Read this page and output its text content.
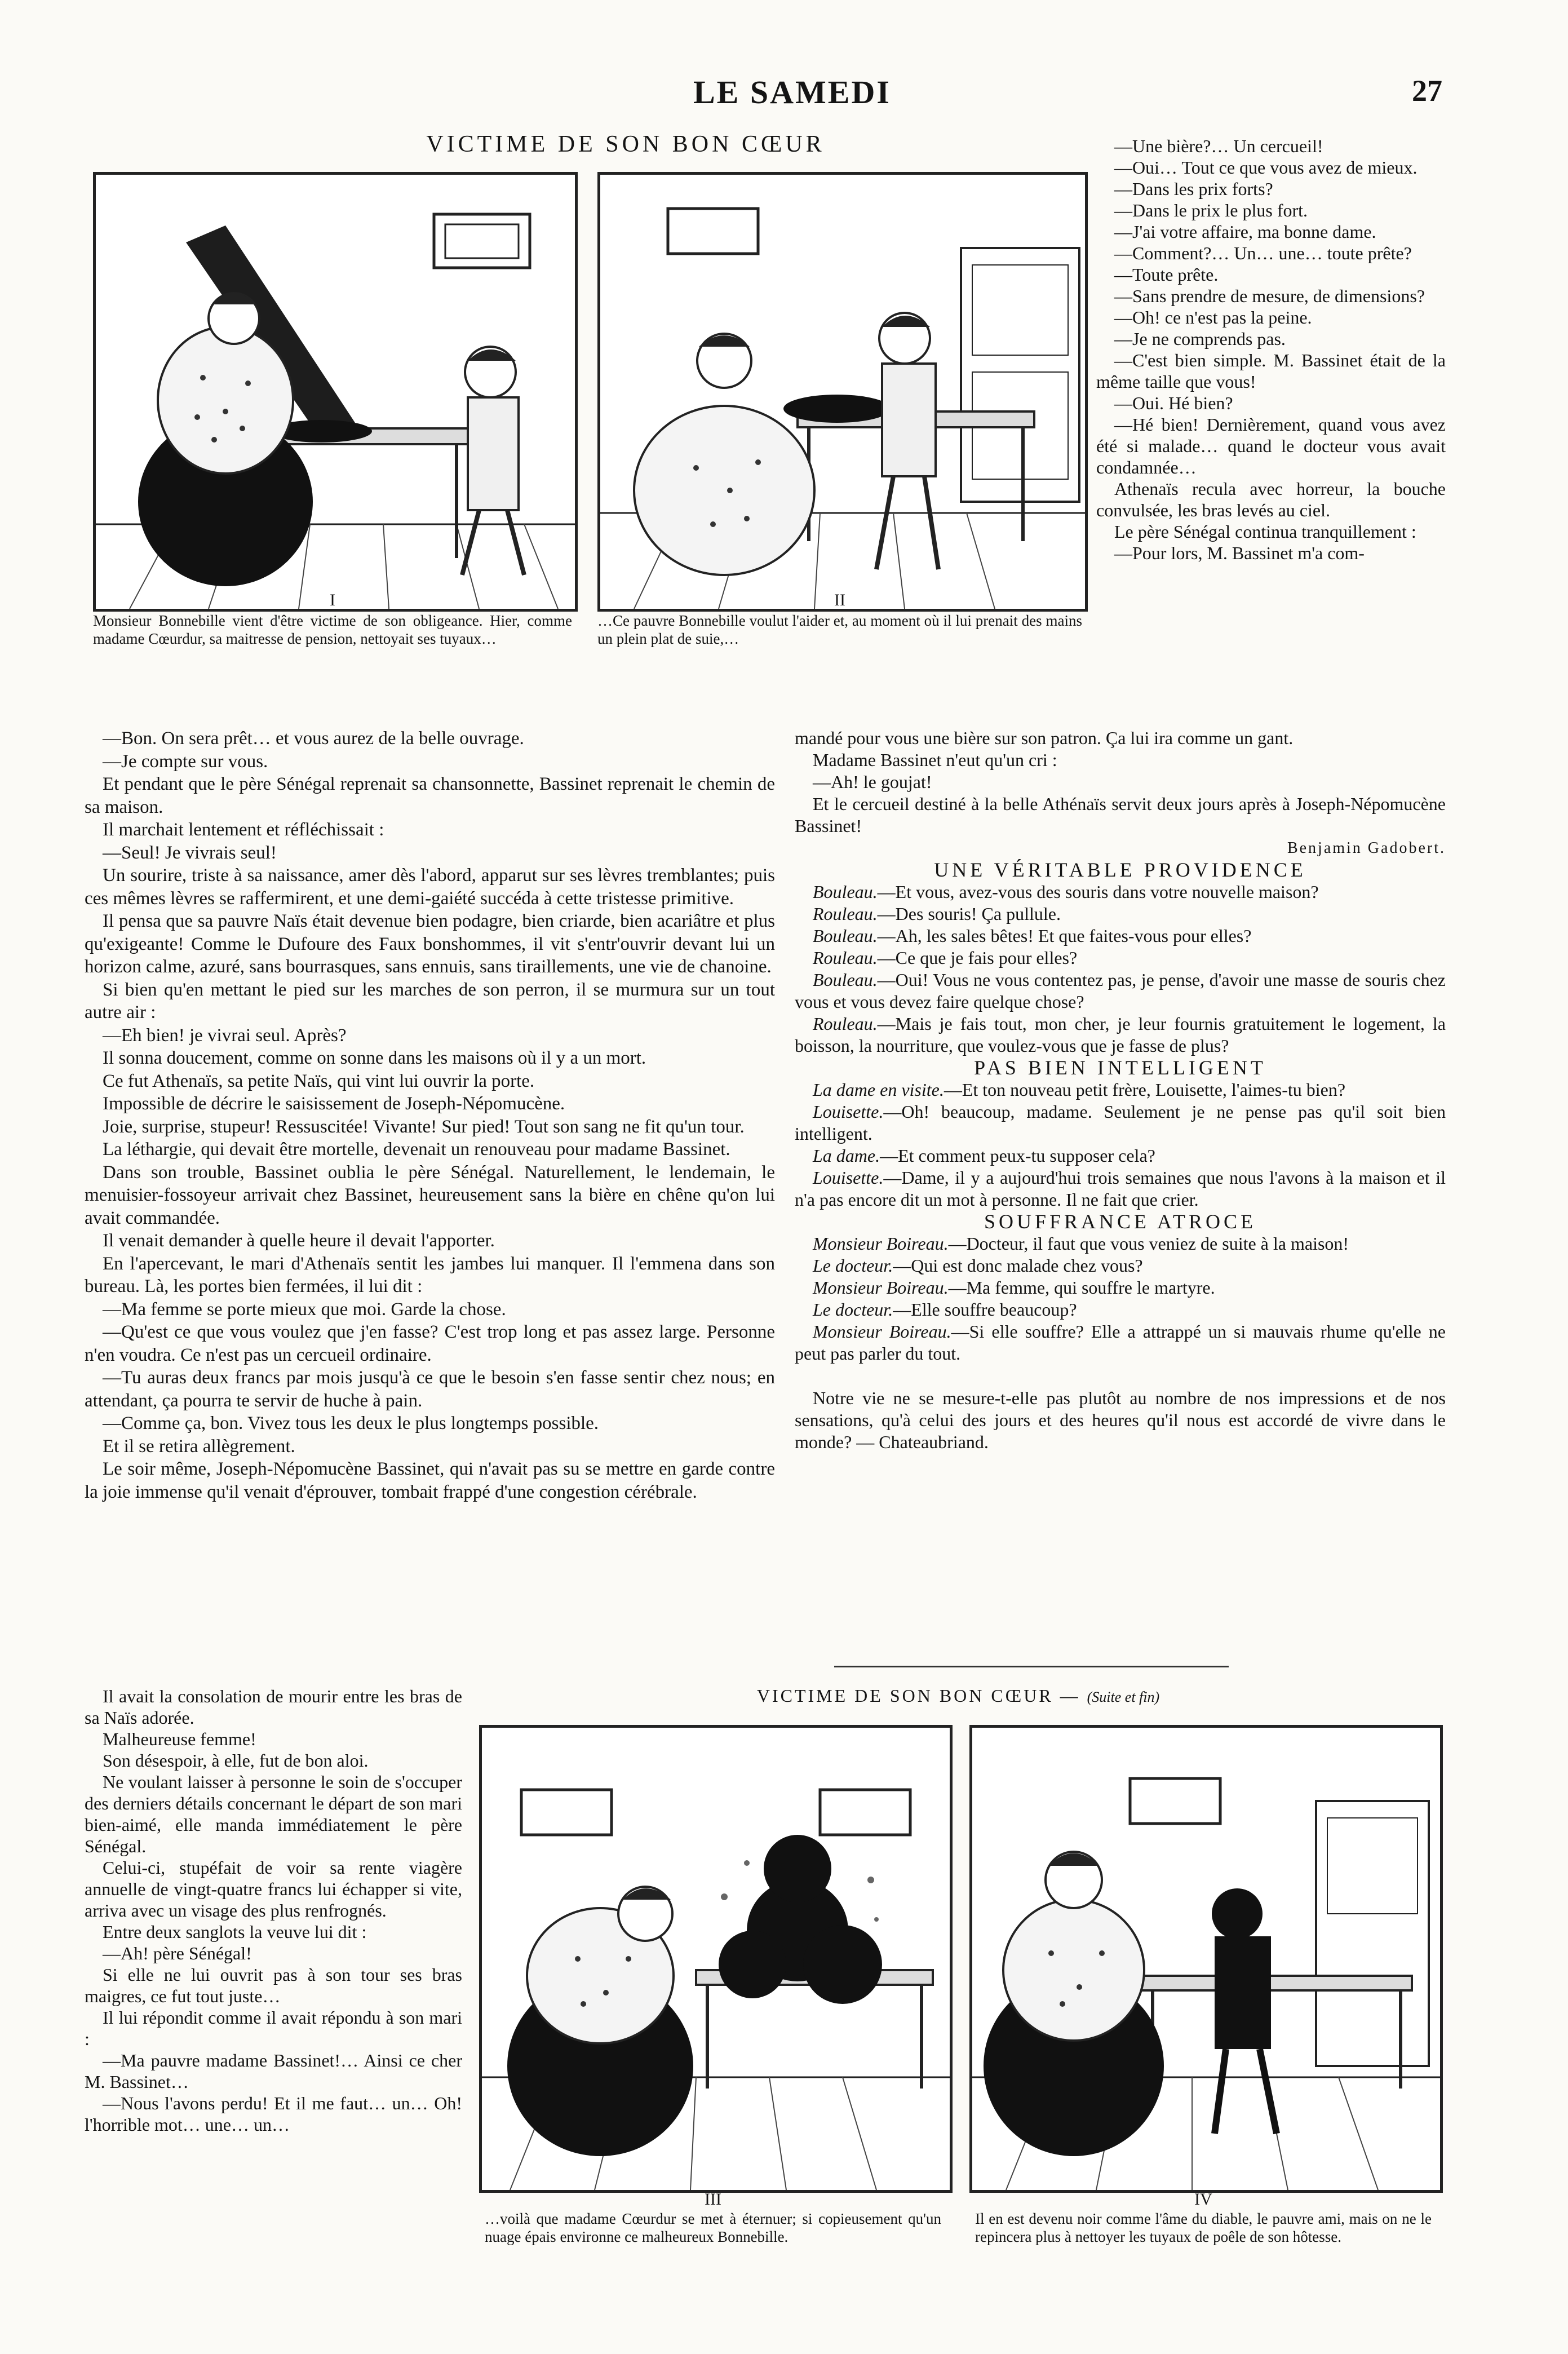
LE SAMEDI	27
VICTIME DE SON BON CŒUR
I
Monsieur Bonnebille vient d'être victime de son obligeance. Hier, comme madame Cœurdur, sa maitresse de pension, nettoyait ses tuyaux…
II
…Ce pauvre Bonnebille voulut l'aider et, au moment où il lui prenait des mains un plein plat de suie,…

—Une bière?… Un cercueil!

—Oui… Tout ce que vous avez de mieux.

—Dans les prix forts?

—Dans le prix le plus fort.

—J'ai votre affaire, ma bonne dame.

—Comment?… Un… une… toute prête?

—Toute prête.

—Sans prendre de mesure, de dimensions?

—Oh! ce n'est pas la peine.

—Je ne comprends pas.

—C'est bien simple. M. Bassinet était de la même taille que vous!

—Oui. Hé bien?

—Hé bien! Dernièrement, quand vous avez été si malade… quand le docteur vous avait condamnée…

Athenaïs recula avec horreur, la bouche convulsée, les bras levés au ciel.

Le père Sénégal continua tranquillement :

—Pour lors, M. Bassinet m'a com-

—Bon. On sera prêt… et vous aurez de la belle ouvrage.

—Je compte sur vous.

Et pendant que le père Sénégal reprenait sa chansonnette, Bassinet reprenait le chemin de sa maison.

Il marchait lentement et réfléchissait :

—Seul! Je vivrais seul!

Un sourire, triste à sa naissance, amer dès l'abord, apparut sur ses lèvres tremblantes; puis ces mêmes lèvres se raffermirent, et une demi-gaiété succéda à cette tristesse primitive.

Il pensa que sa pauvre Naïs était devenue bien podagre, bien criarde, bien acariâtre et plus qu'exigeante! Comme le Dufoure des Faux bonshommes, il vit s'entr'ouvrir devant lui un horizon calme, azuré, sans bourrasques, sans ennuis, sans tiraillements, une vie de chanoine.

Si bien qu'en mettant le pied sur les marches de son perron, il se murmura sur un tout autre air :

—Eh bien! je vivrai seul. Après?

Il sonna doucement, comme on sonne dans les maisons où il y a un mort.

Ce fut Athenaïs, sa petite Naïs, qui vint lui ouvrir la porte.

Impossible de décrire le saisissement de Joseph-Népomucène.

Joie, surprise, stupeur! Ressuscitée! Vivante! Sur pied! Tout son sang ne fit qu'un tour.

La léthargie, qui devait être mortelle, devenait un renouveau pour madame Bassinet.

Dans son trouble, Bassinet oublia le père Sénégal. Naturellement, le lendemain, le menuisier-fossoyeur arrivait chez Bassinet, heureusement sans la bière en chêne qu'on lui avait commandée.

Il venait demander à quelle heure il devait l'apporter.

En l'apercevant, le mari d'Athenaïs sentit les jambes lui manquer. Il l'emmena dans son bureau. Là, les portes bien fermées, il lui dit :

—Ma femme se porte mieux que moi. Garde la chose.

—Qu'est ce que vous voulez que j'en fasse? C'est trop long et pas assez large. Personne n'en voudra. Ce n'est pas un cercueil ordinaire.

—Tu auras deux francs par mois jusqu'à ce que le besoin s'en fasse sentir chez nous; en attendant, ça pourra te servir de huche à pain.

—Comme ça, bon. Vivez tous les deux le plus longtemps possible.

Et il se retira allègrement.

Le soir même, Joseph-Népomucène Bassinet, qui n'avait pas su se mettre en garde contre la joie immense qu'il venait d'éprouver, tombait frappé d'une congestion cérébrale.

Il avait la consolation de mourir entre les bras de sa Naïs adorée.

Malheureuse femme!

Son désespoir, à elle, fut de bon aloi.

Ne voulant laisser à personne le soin de s'occuper des derniers détails concernant le départ de son mari bien-aimé, elle manda immédiatement le père Sénégal.

Celui-ci, stupéfait de voir sa rente viagère annuelle de vingt-quatre francs lui échapper si vite, arriva avec un visage des plus renfrognés.

Entre deux sanglots la veuve lui dit :

—Ah! père Sénégal!

Si elle ne lui ouvrit pas à son tour ses bras maigres, ce fut tout juste…

Il lui répondit comme il avait répondu à son mari :

—Ma pauvre madame Bassinet!… Ainsi ce cher M. Bassinet…

—Nous l'avons perdu! Et il me faut… un… Oh! l'horrible mot… une… un…

mandé pour vous une bière sur son patron. Ça lui ira comme un gant.

Madame Bassinet n'eut qu'un cri :

—Ah! le goujat!

Et le cercueil destiné à la belle Athénaïs servit deux jours après à Joseph-Népomucène Bassinet!

Benjamin Gadobert.

UNE VÉRITABLE PROVIDENCE

Bouleau.—Et vous, avez-vous des souris dans votre nouvelle maison?

Rouleau.—Des souris! Ça pullule.

Bouleau.—Ah, les sales bêtes! Et que faites-vous pour elles?

Rouleau.—Ce que je fais pour elles?

Bouleau.—Oui! Vous ne vous contentez pas, je pense, d'avoir une masse de souris chez vous et vous devez faire quelque chose?

Rouleau.—Mais je fais tout, mon cher, je leur fournis gratuitement le logement, la boisson, la nourriture, que voulez-vous que je fasse de plus?

PAS BIEN INTELLIGENT

La dame en visite.—Et ton nouveau petit frère, Louisette, l'aimes-tu bien?

Louisette.—Oh! beaucoup, madame. Seulement je ne pense pas qu'il soit bien intelligent.

La dame.—Et comment peux-tu supposer cela?

Louisette.—Dame, il y a aujourd'hui trois semaines que nous l'avons à la maison et il n'a pas encore dit un mot à personne. Il ne fait que crier.

SOUFFRANCE ATROCE

Monsieur Boireau.—Docteur, il faut que vous veniez de suite à la maison!

Le docteur.—Qui est donc malade chez vous?

Monsieur Boireau.—Ma femme, qui souffre le martyre.

Le docteur.—Elle souffre beaucoup?

Monsieur Boireau.—Si elle souffre? Elle a attrappé un si mauvais rhume qu'elle ne peut pas parler du tout.

Notre vie ne se mesure-t-elle pas plutôt au nombre de nos impressions et de nos sensations, qu'à celui des jours et des heures qu'il nous est accordé de vivre dans le monde? — Chateaubriand.

VICTIME DE SON BON CŒUR — (Suite et fin)
III
…voilà que madame Cœurdur se met à éternuer; si copieusement qu'un nuage épais environne ce malheureux Bonnebille.
IV
Il en est devenu noir comme l'âme du diable, le pauvre ami, mais on ne le repincera plus à nettoyer les tuyaux de poêle de son hôtesse.
